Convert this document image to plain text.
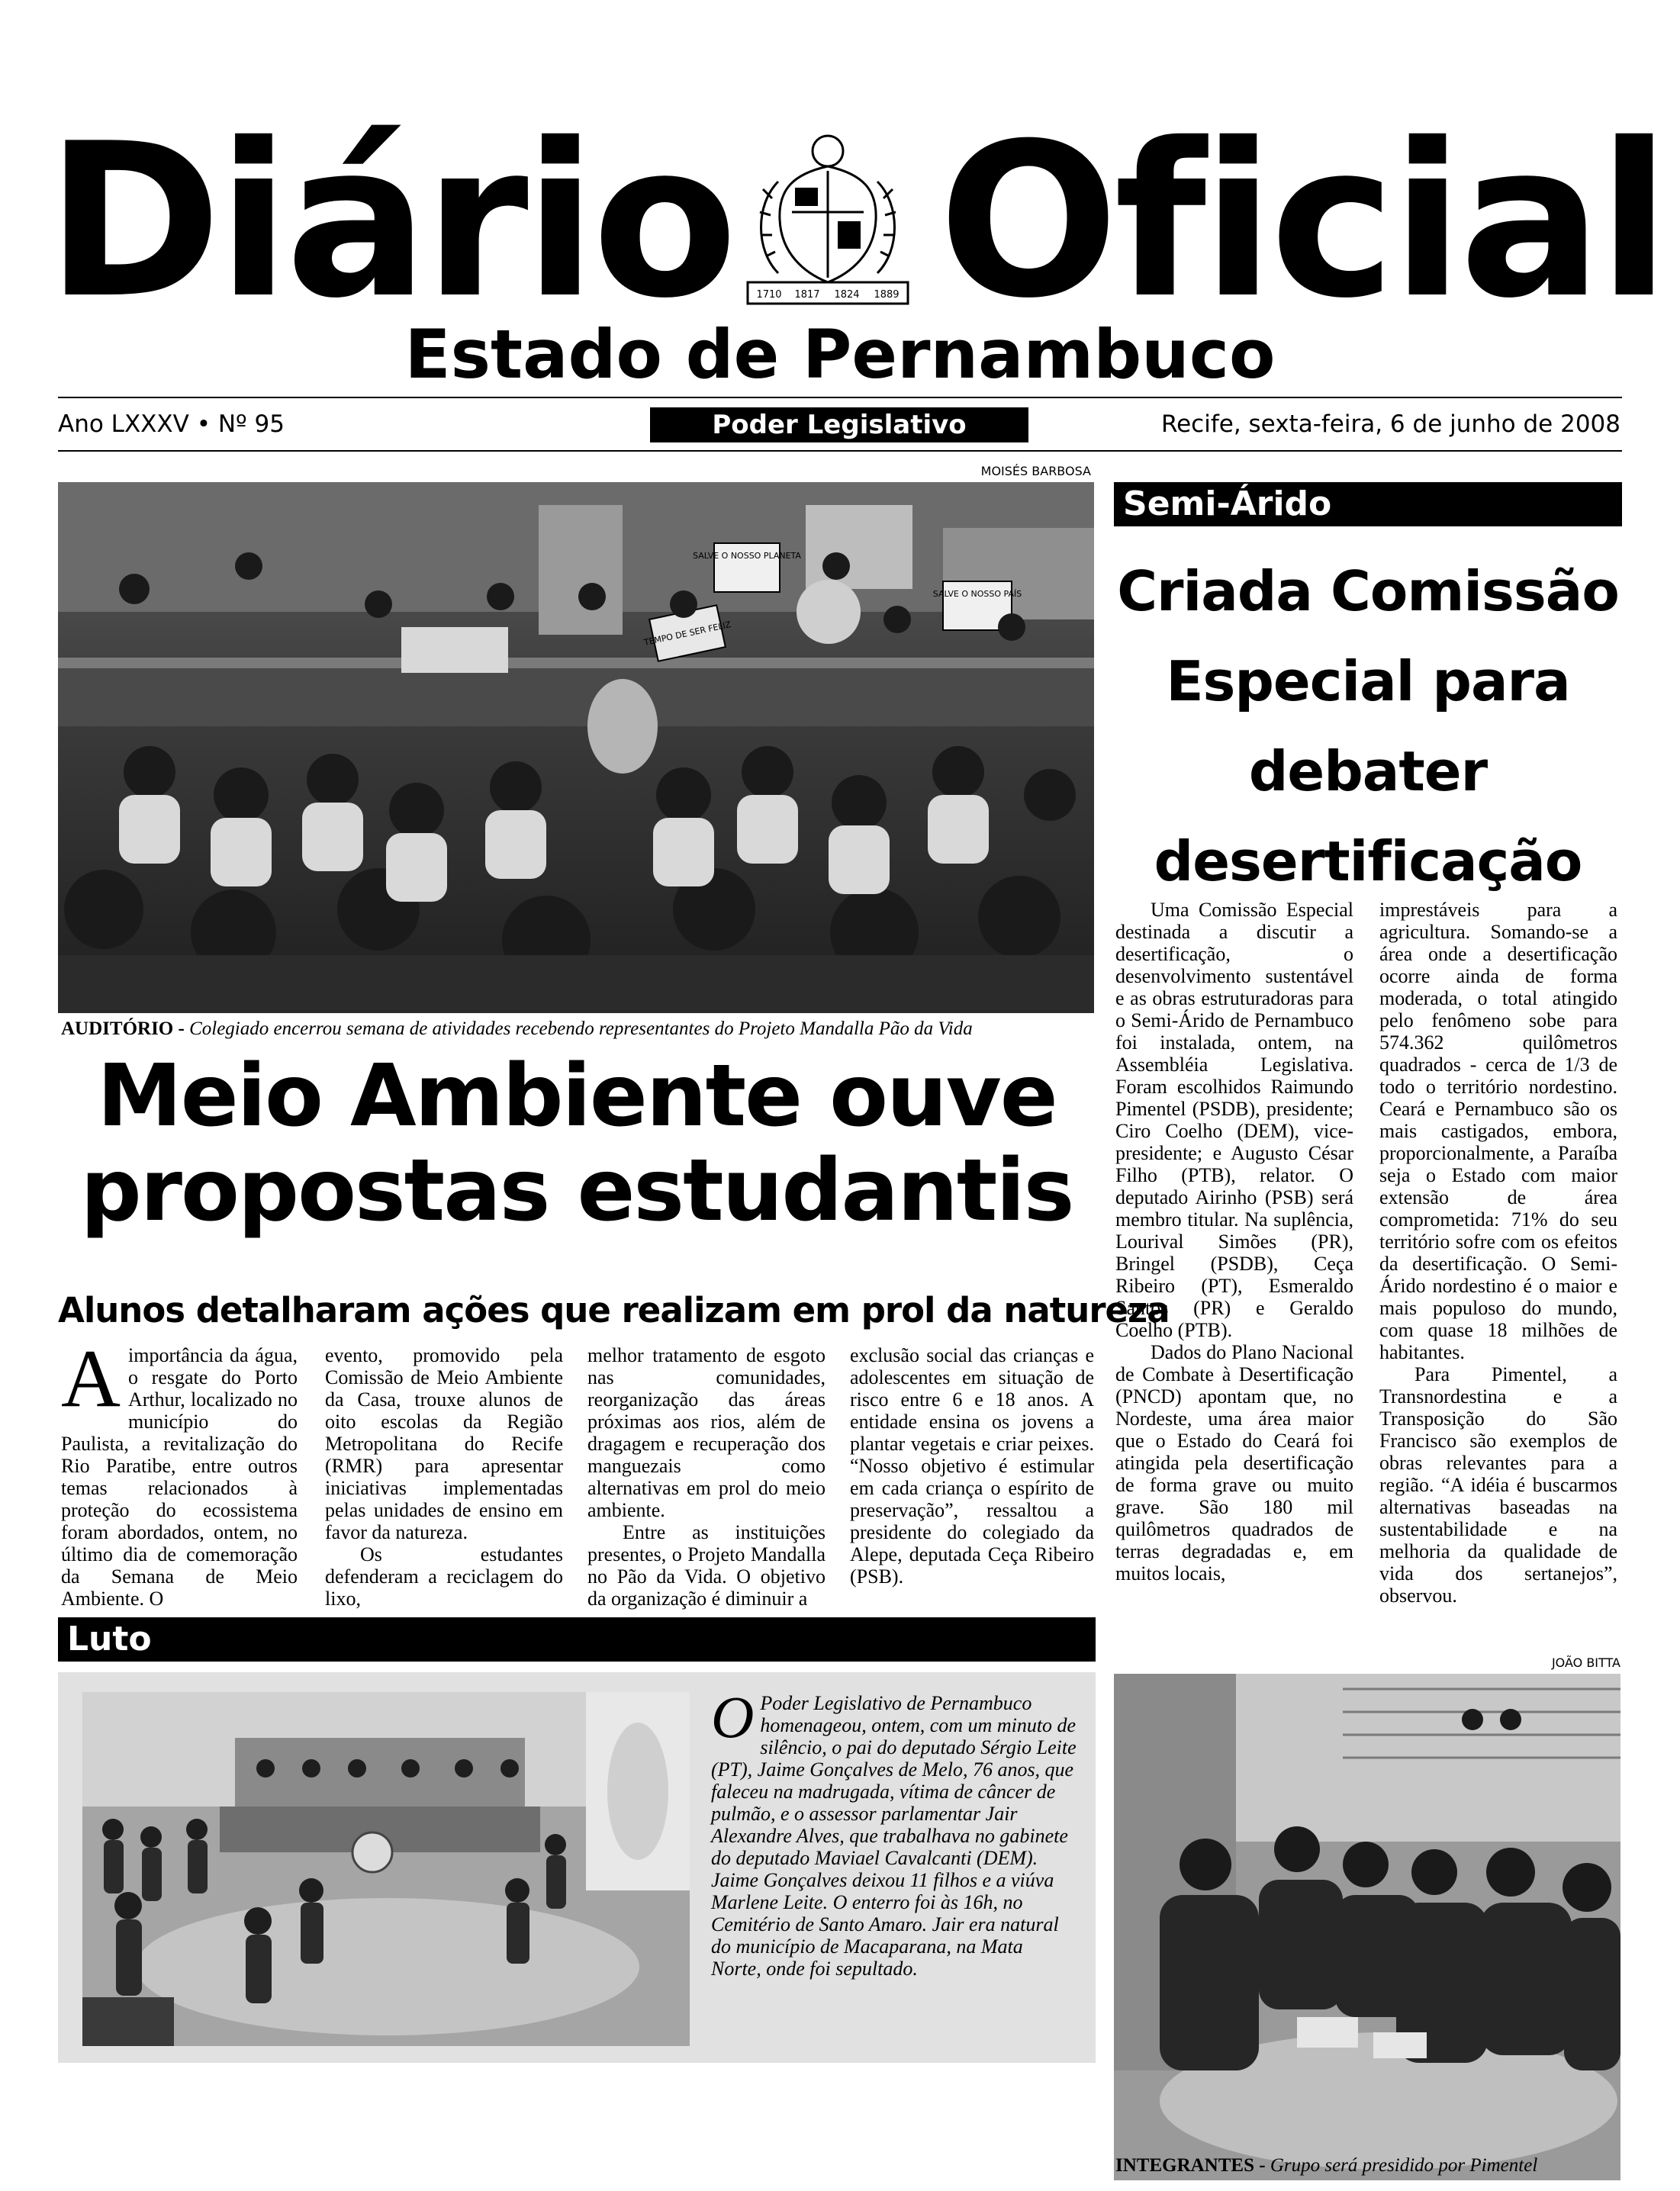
Diário 1710 1817 1824 1889 Oficial
Estado de Pernambuco
Ano LXXXV • Nº 95	Poder Legislativo	Recife, sexta-feira, 6 de junho de 2008
MOISÉS BARBOSA
SALVE O NOSSO PLANETA
SALVE O NOSSO PAÍS
TEMPO DE SER FELIZ
AUDITÓRIO - Colegiado encerrou semana de atividades recebendo representantes do Projeto Mandalla Pão da Vida
Meio Ambiente ouve propostas estudantis
Alunos detalharam ações que realizam em prol da natureza
A importância da água, o resgate do Porto Arthur, localizado no município do Paulista, a revitalização do Rio Paratibe, entre outros temas relacionados à proteção do ecossistema foram abordados, ontem, no último dia de comemoração da Semana de Meio Ambiente. O

evento, promovido pela Comissão de Meio Ambiente da Casa, trouxe alunos de oito escolas da Região Metropolitana do Recife (RMR) para apresentar iniciativas implementadas pelas unidades de ensino em favor da natureza.

Os estudantes defenderam a reciclagem do lixo,

melhor tratamento de esgoto nas comunidades, reorganização das áreas próximas aos rios, além de dragagem e recuperação dos manguezais como alternativas em prol do meio ambiente.

Entre as instituições presentes, o Projeto Mandalla no Pão da Vida. O objetivo da organização é diminuir a

exclusão social das crianças e adolescentes em situação de risco entre 6 e 18 anos. A entidade ensina os jovens a plantar vegetais e criar peixes. “Nosso objetivo é estimular em cada criança o espírito de preservação”, ressaltou a presidente do colegiado da Alepe, deputada Ceça Ribeiro (PSB).

Semi-Árido
Criada Comissão Especial para debater desertificação

Uma Comissão Especial destinada a discutir a desertificação, o desenvolvimento sustentável e as obras estruturadoras para o Semi-Árido de Pernambuco foi instalada, ontem, na Assembléia Legislativa. Foram escolhidos Raimundo Pimentel (PSDB), presidente; Ciro Coelho (DEM), vice-presidente; e Augusto César Filho (PTB), relator. O deputado Airinho (PSB) será membro titular. Na suplência, Lourival Simões (PR), Bringel (PSDB), Ceça Ribeiro (PT), Esmeraldo Santos (PR) e Geraldo Coelho (PTB).

Dados do Plano Nacional de Combate à Desertificação (PNCD) apontam que, no Nordeste, uma área maior que o Estado do Ceará foi atingida pela desertificação de forma grave ou muito grave. São 180 mil quilômetros quadrados de terras degradadas e, em muitos locais,

imprestáveis para a agricultura. Somando-se a área onde a desertificação ocorre ainda de forma moderada, o total atingido pelo fenômeno sobe para 574.362 quilômetros quadrados - cerca de 1/3 de todo o território nordestino. Ceará e Pernambuco são os mais castigados, embora, proporcionalmente, a Paraíba seja o Estado com maior extensão de área comprometida: 71% do seu território sofre com os efeitos da desertificação. O Semi-Árido nordestino é o maior e mais populoso do mundo, com quase 18 milhões de habitantes.

Para Pimentel, a Transnordestina e a Transposição do São Francisco são exemplos de obras relevantes para a região. “A idéia é buscarmos alternativas baseadas na sustentabilidade e na melhoria da qualidade de vida dos sertanejos”, observou.

JOÃO BITTA
INTEGRANTES - Grupo será presidido por Pimentel
Luto
O Poder Legislativo de Pernambuco homenageou, ontem, com um minuto de silêncio, o pai do deputado Sérgio Leite (PT), Jaime Gonçalves de Melo, 76 anos, que faleceu na madrugada, vítima de câncer de pulmão, e o assessor parlamentar Jair Alexandre Alves, que trabalhava no gabinete do deputado Maviael Cavalcanti (DEM). Jaime Gonçalves deixou 11 filhos e a viúva Marlene Leite. O enterro foi às 16h, no Cemitério de Santo Amaro. Jair era natural do município de Macaparana, na Mata Norte, onde foi sepultado.
